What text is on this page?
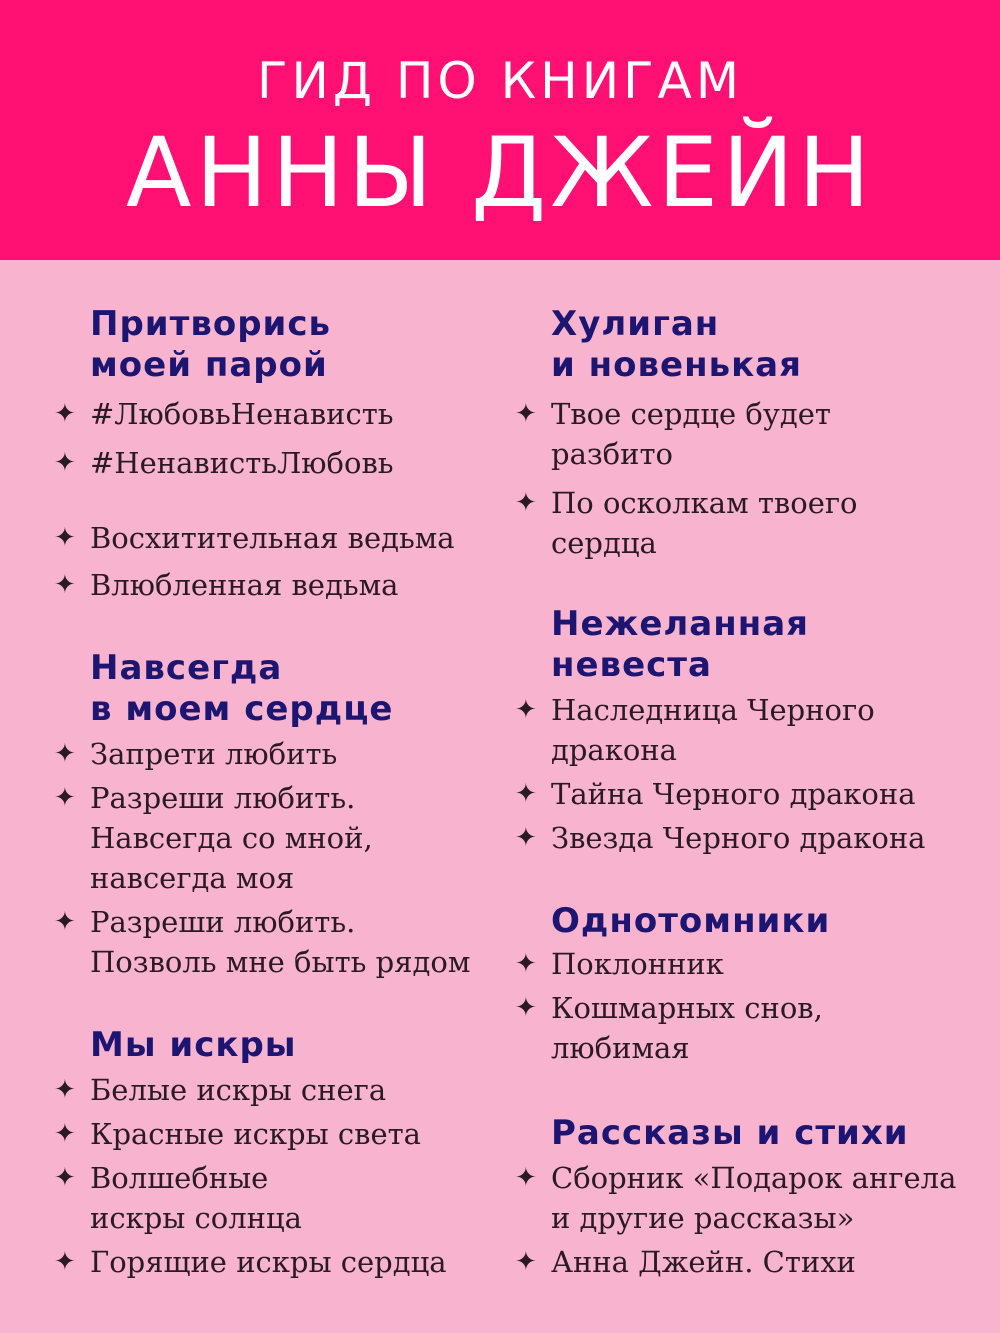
ГИД ПО КНИГАМ
АННЫ ДЖЕЙН
Притворись
моей парой
✦ #ЛюбовьНенависть
✦ #НенавистьЛюбовь
✦ Восхитительная ведьма
✦ Влюбленная ведьма
Навсегда
в моем сердце
✦ Запрети любить
✦ Разреши любить.
Навсегда со мной,
навсегда моя
✦ Разреши любить.
Позволь мне быть рядом
Мы искры
✦ Белые искры снега
✦ Красные искры света
✦ Волшебные
искры солнца
✦ Горящие искры сердца
Хулиган
и новенькая
✦ Твое сердце будет
разбито
✦ По осколкам твоего
сердца
Нежеланная
невеста
✦ Наследница Черного
дракона
✦ Тайна Черного дракона
✦ Звезда Черного дракона
Однотомники
✦ Поклонник
✦ Кошмарных снов,
любимая
Рассказы и стихи
✦ Сборник «Подарок ангела
и другие рассказы»
✦ Анна Джейн. Стихи
